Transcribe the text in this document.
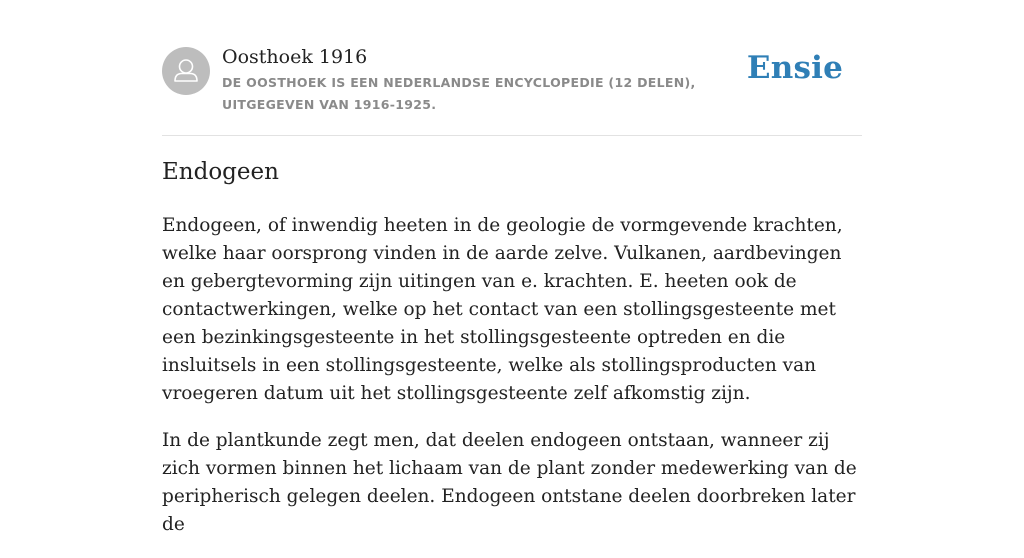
Oosthoek 1916
DE OOSTHOEK IS EEN NEDERLANDSE ENCYCLOPEDIE (12 DELEN), UITGEGEVEN VAN 1916-1925.
Ensie
Endogeen

Endogeen, of inwendig heeten in de geologie de vormgevende krachten, welke haar oorsprong vinden in de aarde zelve. Vulkanen, aardbevingen en gebergtevorming zijn uitingen van e. krachten. E. heeten ook de contactwerkingen, welke op het contact van een stollingsgesteente met een bezinkingsgesteente in het stollingsgesteente optreden en die insluitsels in een stollingsgesteente, welke als stollingsproducten van vroegeren datum uit het stollingsgesteente zelf afkomstig zijn.

In de plantkunde zegt men, dat deelen endogeen ontstaan, wanneer zij zich vormen binnen het lichaam van de plant zonder medewerking van de peripherisch gelegen deelen. Endogeen ontstane deelen doorbreken later de
